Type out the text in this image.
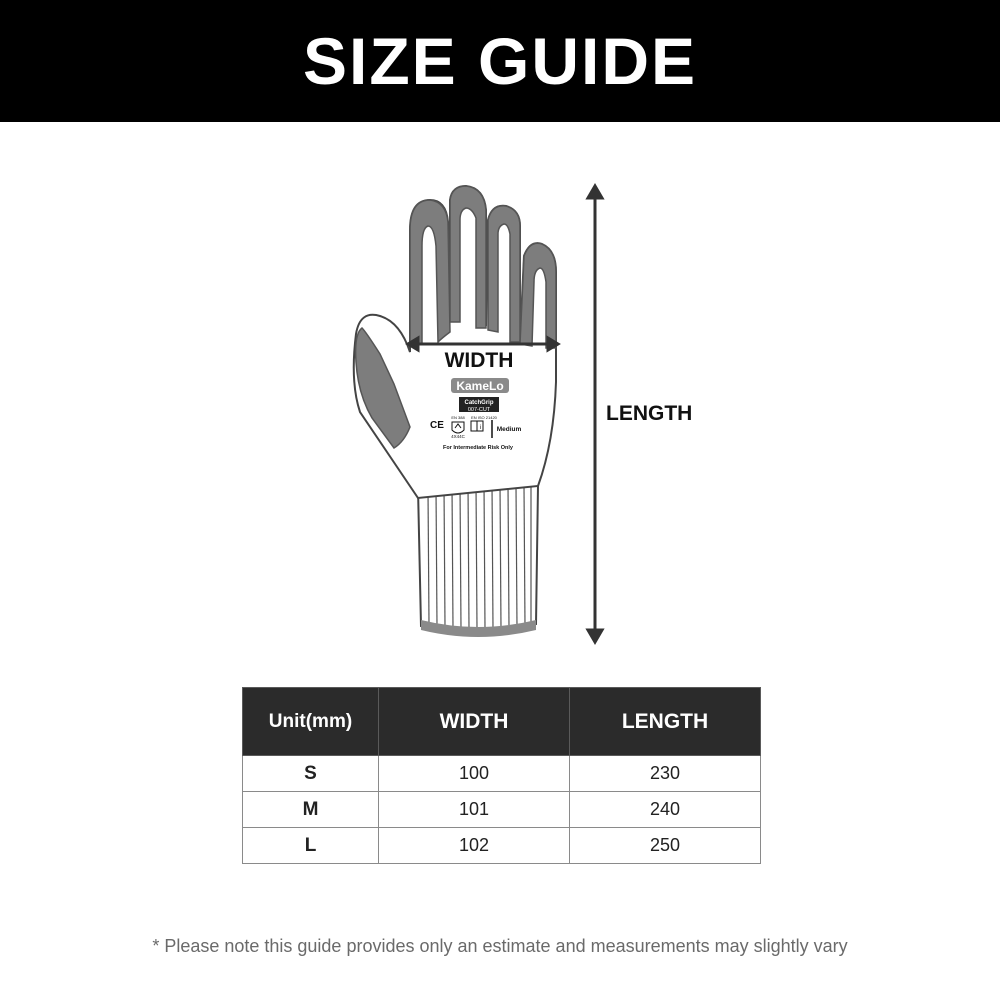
SIZE GUIDE
WIDTH
KameLo
CatchGrip
007-CUT
CE
EN 388 EN ISO 21420
i
4X44C
Medium
For Intermediate Risk Only
LENGTH
Unit(mm)	WIDTH	LENGTH
S	100	230
M	101	240
L	102	250
* Please note this guide provides only an estimate and measurements may slightly vary
